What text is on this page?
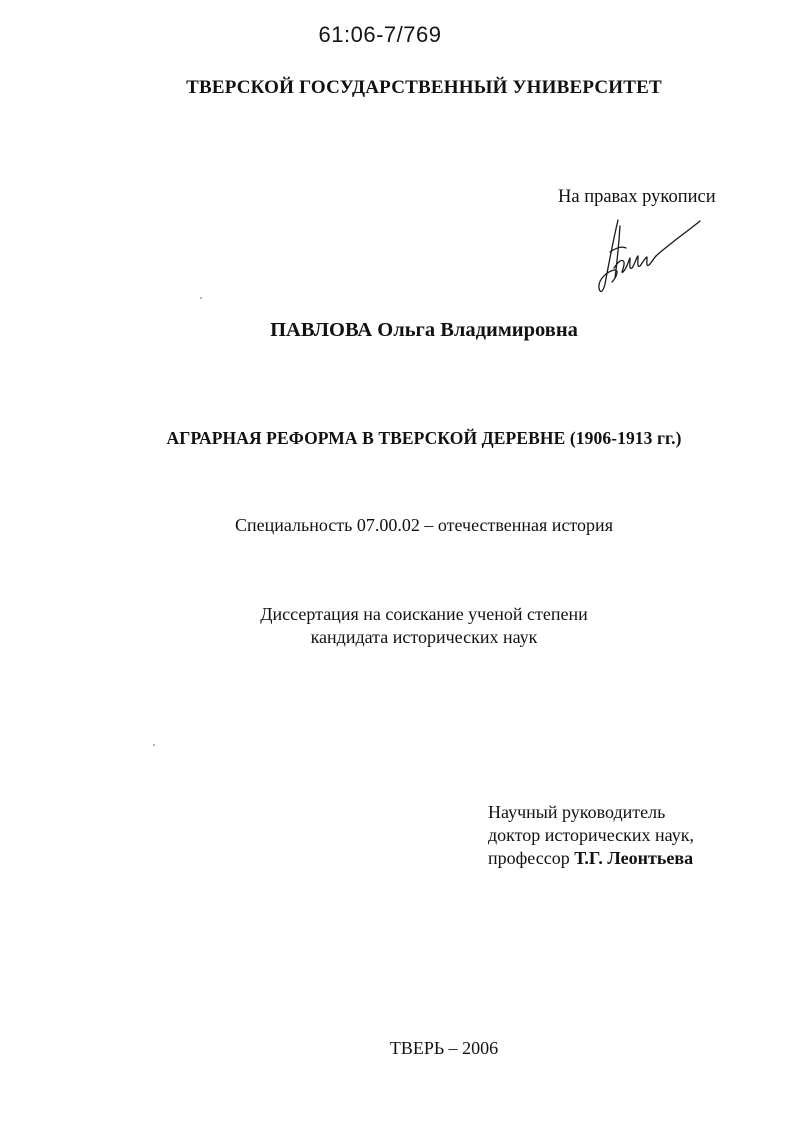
61:06-7/769
ТВЕРСКОЙ ГОСУДАРСТВЕННЫЙ УНИВЕРСИТЕТ
На правах рукописи
ПАВЛОВА Ольга Владимировна
АГРАРНАЯ РЕФОРМА В ТВЕРСКОЙ ДЕРЕВНЕ (1906-1913 гг.)
Специальность 07.00.02 – отечественная история
Диссертация на соискание ученой степени
кандидата исторических наук
Научный руководитель
доктор исторических наук,
профессор Т.Г. Леонтьева
ТВЕРЬ – 2006
